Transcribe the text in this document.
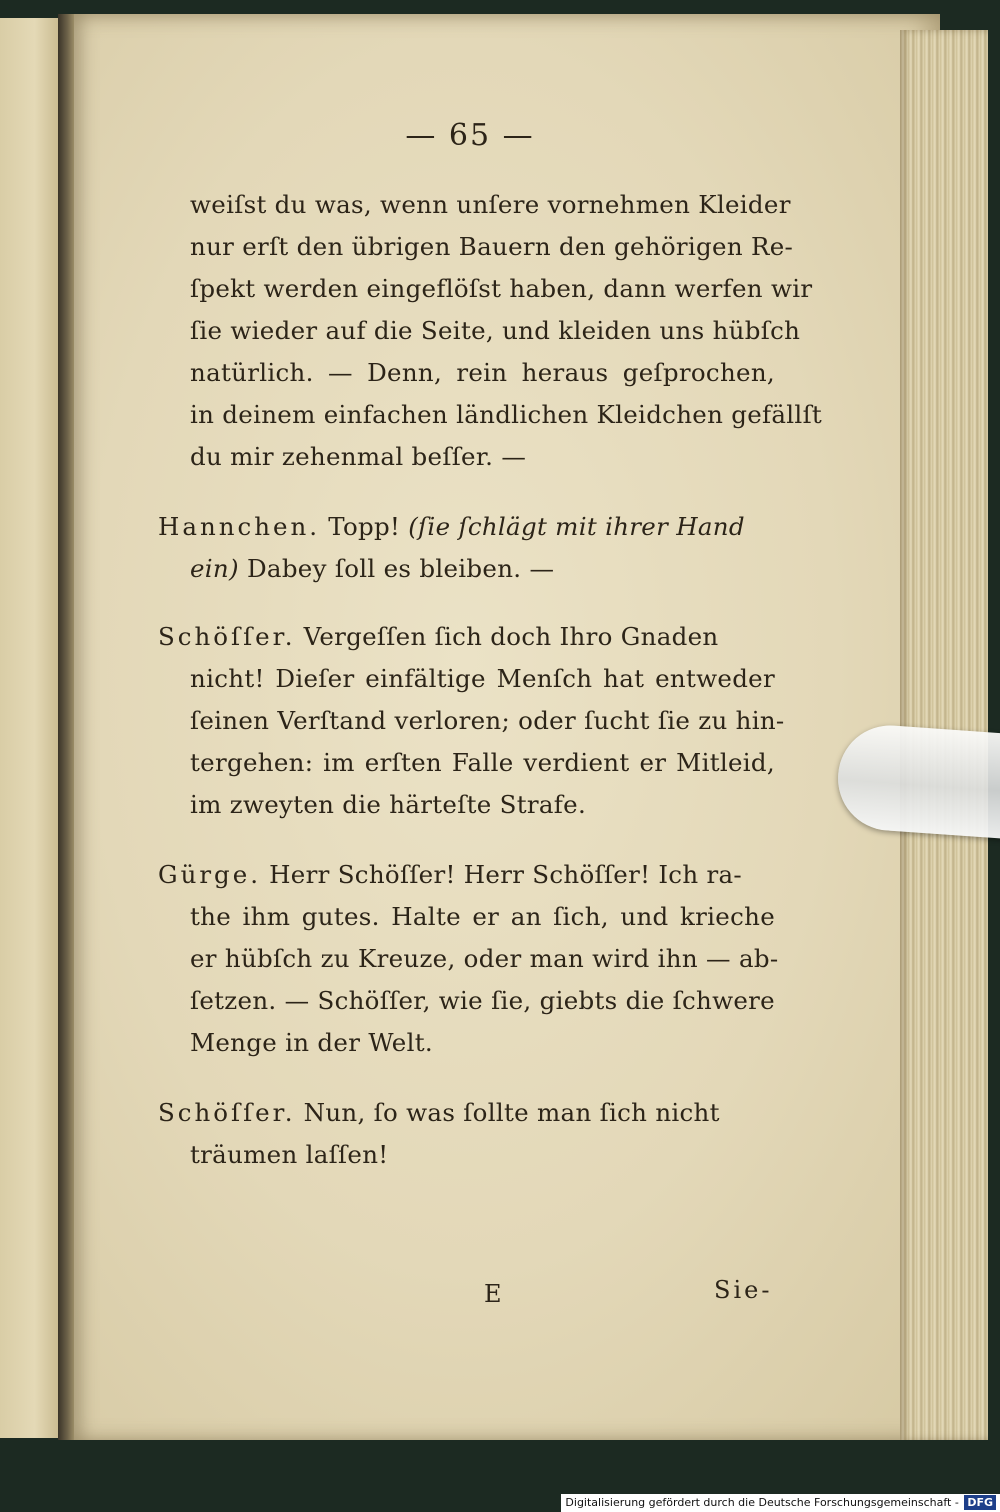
— 65 —
weiſst du was, wenn unſere vornehmen Kleider
nur erſt den übrigen Bauern den gehörigen Re-
ſpekt werden eingeflöſst haben, dann werfen wir
ſie wieder auf die Seite, und kleiden uns hübſch
natürlich. — Denn, rein heraus geſprochen,
in deinem einfachen ländlichen Kleidchen gefällſt
du mir zehenmal beſſer. —
Hannchen. Topp! (ſie ſchlägt mit ihrer Hand
ein) Dabey ſoll es bleiben. —
Schöſſer. Vergeſſen ſich doch Ihro Gnaden
nicht! Dieſer einfältige Menſch hat entweder
ſeinen Verſtand verloren; oder ſucht ſie zu hin-
tergehen: im erſten Falle verdient er Mitleid,
im zweyten die härteſte Strafe.
Gürge. Herr Schöſſer! Herr Schöſſer! Ich ra-
the ihm gutes. Halte er an ſich, und krieche
er hübſch zu Kreuze, oder man wird ihn — ab-
ſetzen. — Schöſſer, wie ſie, giebts die ſchwere
Menge in der Welt.
Schöſſer. Nun, ſo was ſollte man ſich nicht
träumen laſſen!
E	Sie-
Digitalisierung gefördert durch die Deutsche Forschungsgemeinschaft - DFG
